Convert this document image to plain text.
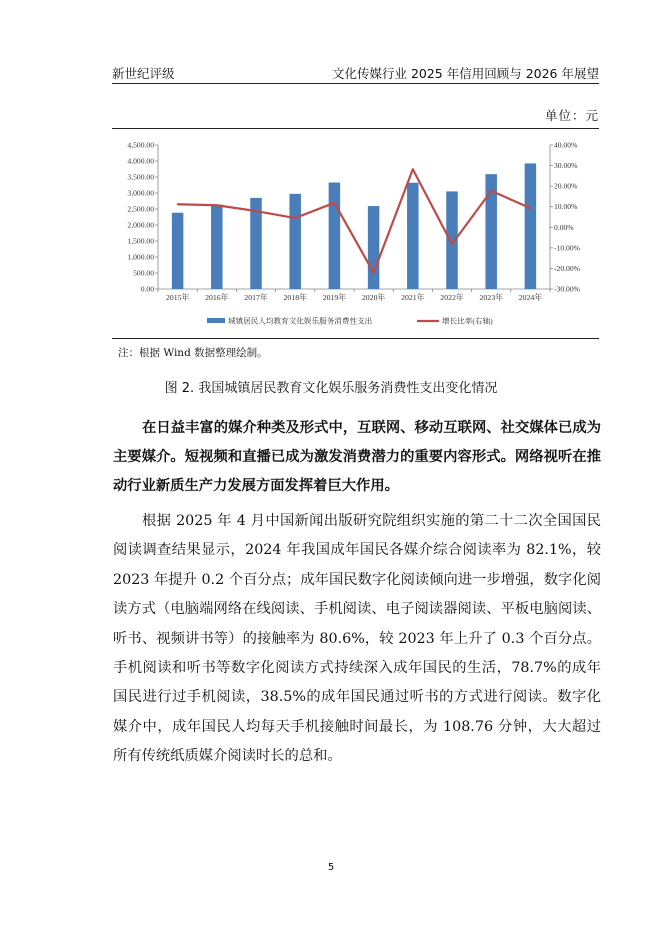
新世纪评级	文化传媒行业 2025 年信用回顾与 2026 年展望
单位：元
0.00
500.00
1,000.00
1,500.00
2,000.00
2,500.00
3,000.00
3,500.00
4,000.00
4,500.00
-30.00%
-20.00%
-10.00%
0.00%
10.00%
20.00%
30.00%
40.00%
2015年 2016年 2017年 2018年 2019年 2020年 2021年 2022年 2023年 2024年
城镇居民人均教育文化娱乐服务消费性支出	增长比率(右轴)
注：根据 Wind 数据整理绘制。
图 2. 我国城镇居民教育文化娱乐服务消费性支出变化情况

在日益丰富的媒介种类及形式中，互联网、移动互联网、社交媒体已成为主要媒介。短视频和直播已成为激发消费潜力的重要内容形式。网络视听在推动行业新质生产力发展方面发挥着巨大作用。

根据 2025 年 4 月中国新闻出版研究院组织实施的第二十二次全国国民阅读调查结果显示，2024 年我国成年国民各媒介综合阅读率为 82.1%，较 2023 年提升 0.2 个百分点；成年国民数字化阅读倾向进一步增强，数字化阅读方式（电脑端网络在线阅读、手机阅读、电子阅读器阅读、平板电脑阅读、听书、视频讲书等）的接触率为 80.6%，较 2023 年上升了 0.3 个百分点。手机阅读和听书等数字化阅读方式持续深入成年国民的生活，78.7%的成年国民进行过手机阅读，38.5%的成年国民通过听书的方式进行阅读。数字化媒介中，成年国民人均每天手机接触时间最长，为 108.76 分钟，大大超过所有传统纸质媒介阅读时长的总和。

5
